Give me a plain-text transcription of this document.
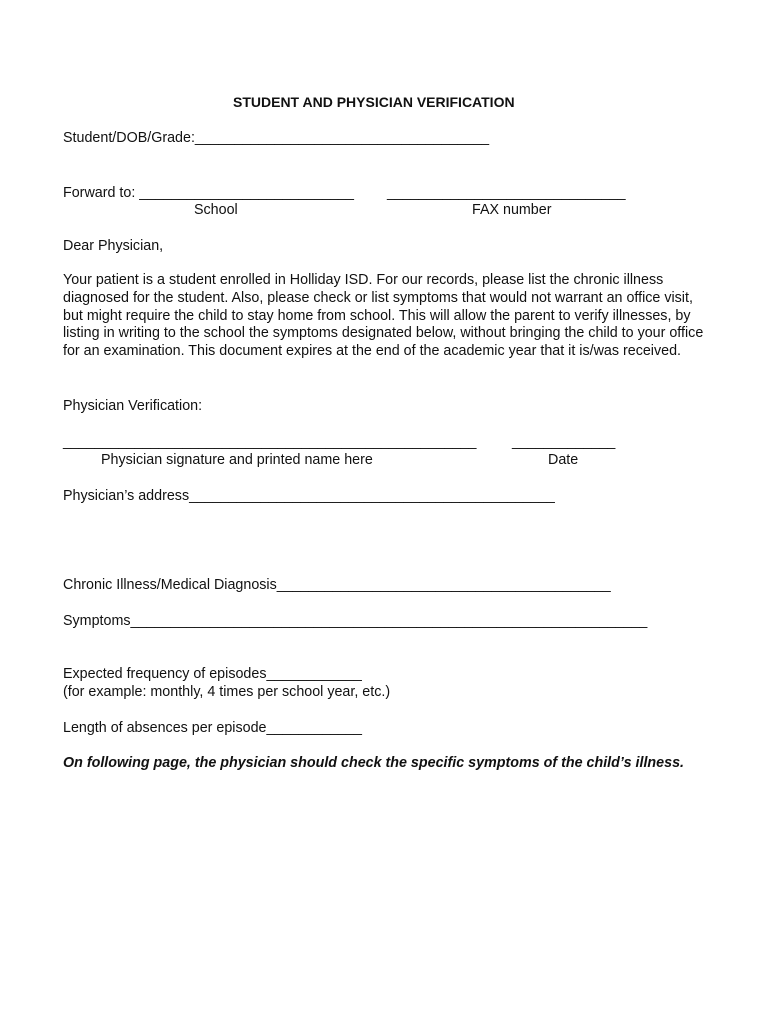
STUDENT AND PHYSICIAN VERIFICATION
Student/DOB/Grade:_____________________________________
Forward to: ___________________________ ______________________________
School	FAX number
Dear Physician,
Your patient is a student enrolled in Holliday ISD. For our records, please list the chronic illness diagnosed for the student. Also, please check or list symptoms that would not warrant an office visit, but might require the child to stay home from school. This will allow the parent to verify illnesses, by listing in writing to the school the symptoms designated below, without bringing the child to your office for an examination. This document expires at the end of the academic year that it is/was received.
Physician Verification:
____________________________________________________ _____________
Physician signature and printed name here	Date
Physician’s address______________________________________________
Chronic Illness/Medical Diagnosis__________________________________________
Symptoms_________________________________________________________________
Expected frequency of episodes____________
(for example: monthly, 4 times per school year, etc.)
Length of absences per episode____________
On following page, the physician should check the specific symptoms of the child’s illness.
